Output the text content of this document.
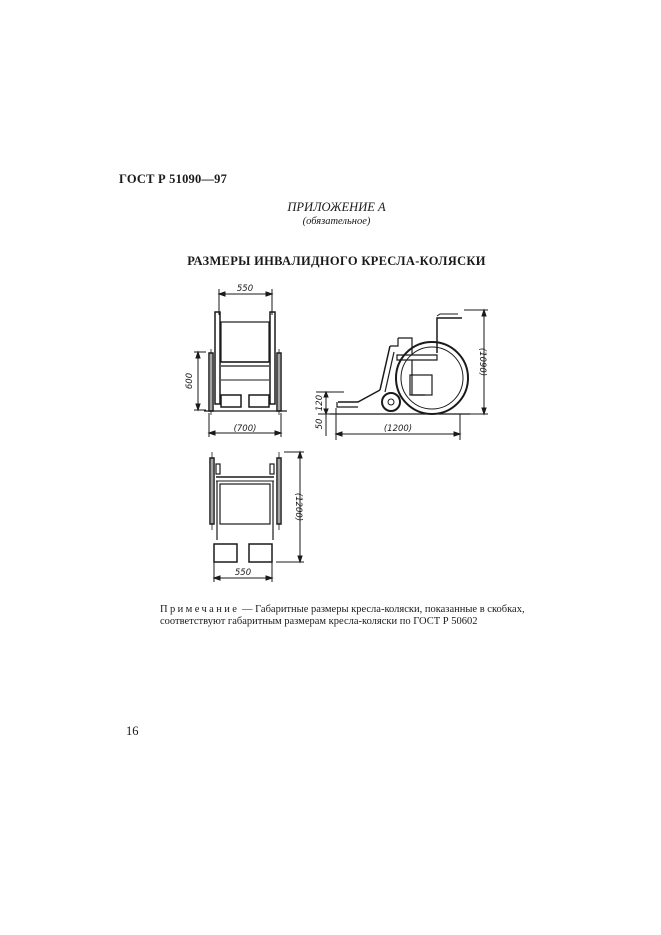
ГОСТ Р 51090—97
ПРИЛОЖЕНИЕ А
(обязательное)
РАЗМЕРЫ ИНВАЛИДНОГО КРЕСЛА-КОЛЯСКИ
550
600
(700)
(1090)
120
50	(1200)
(1200)
550
Примечание — Габаритные размеры кресла-коляски, показанные в скобках, соответствуют габаритным размерам кресла-коляски по ГОСТ Р 50602
16
